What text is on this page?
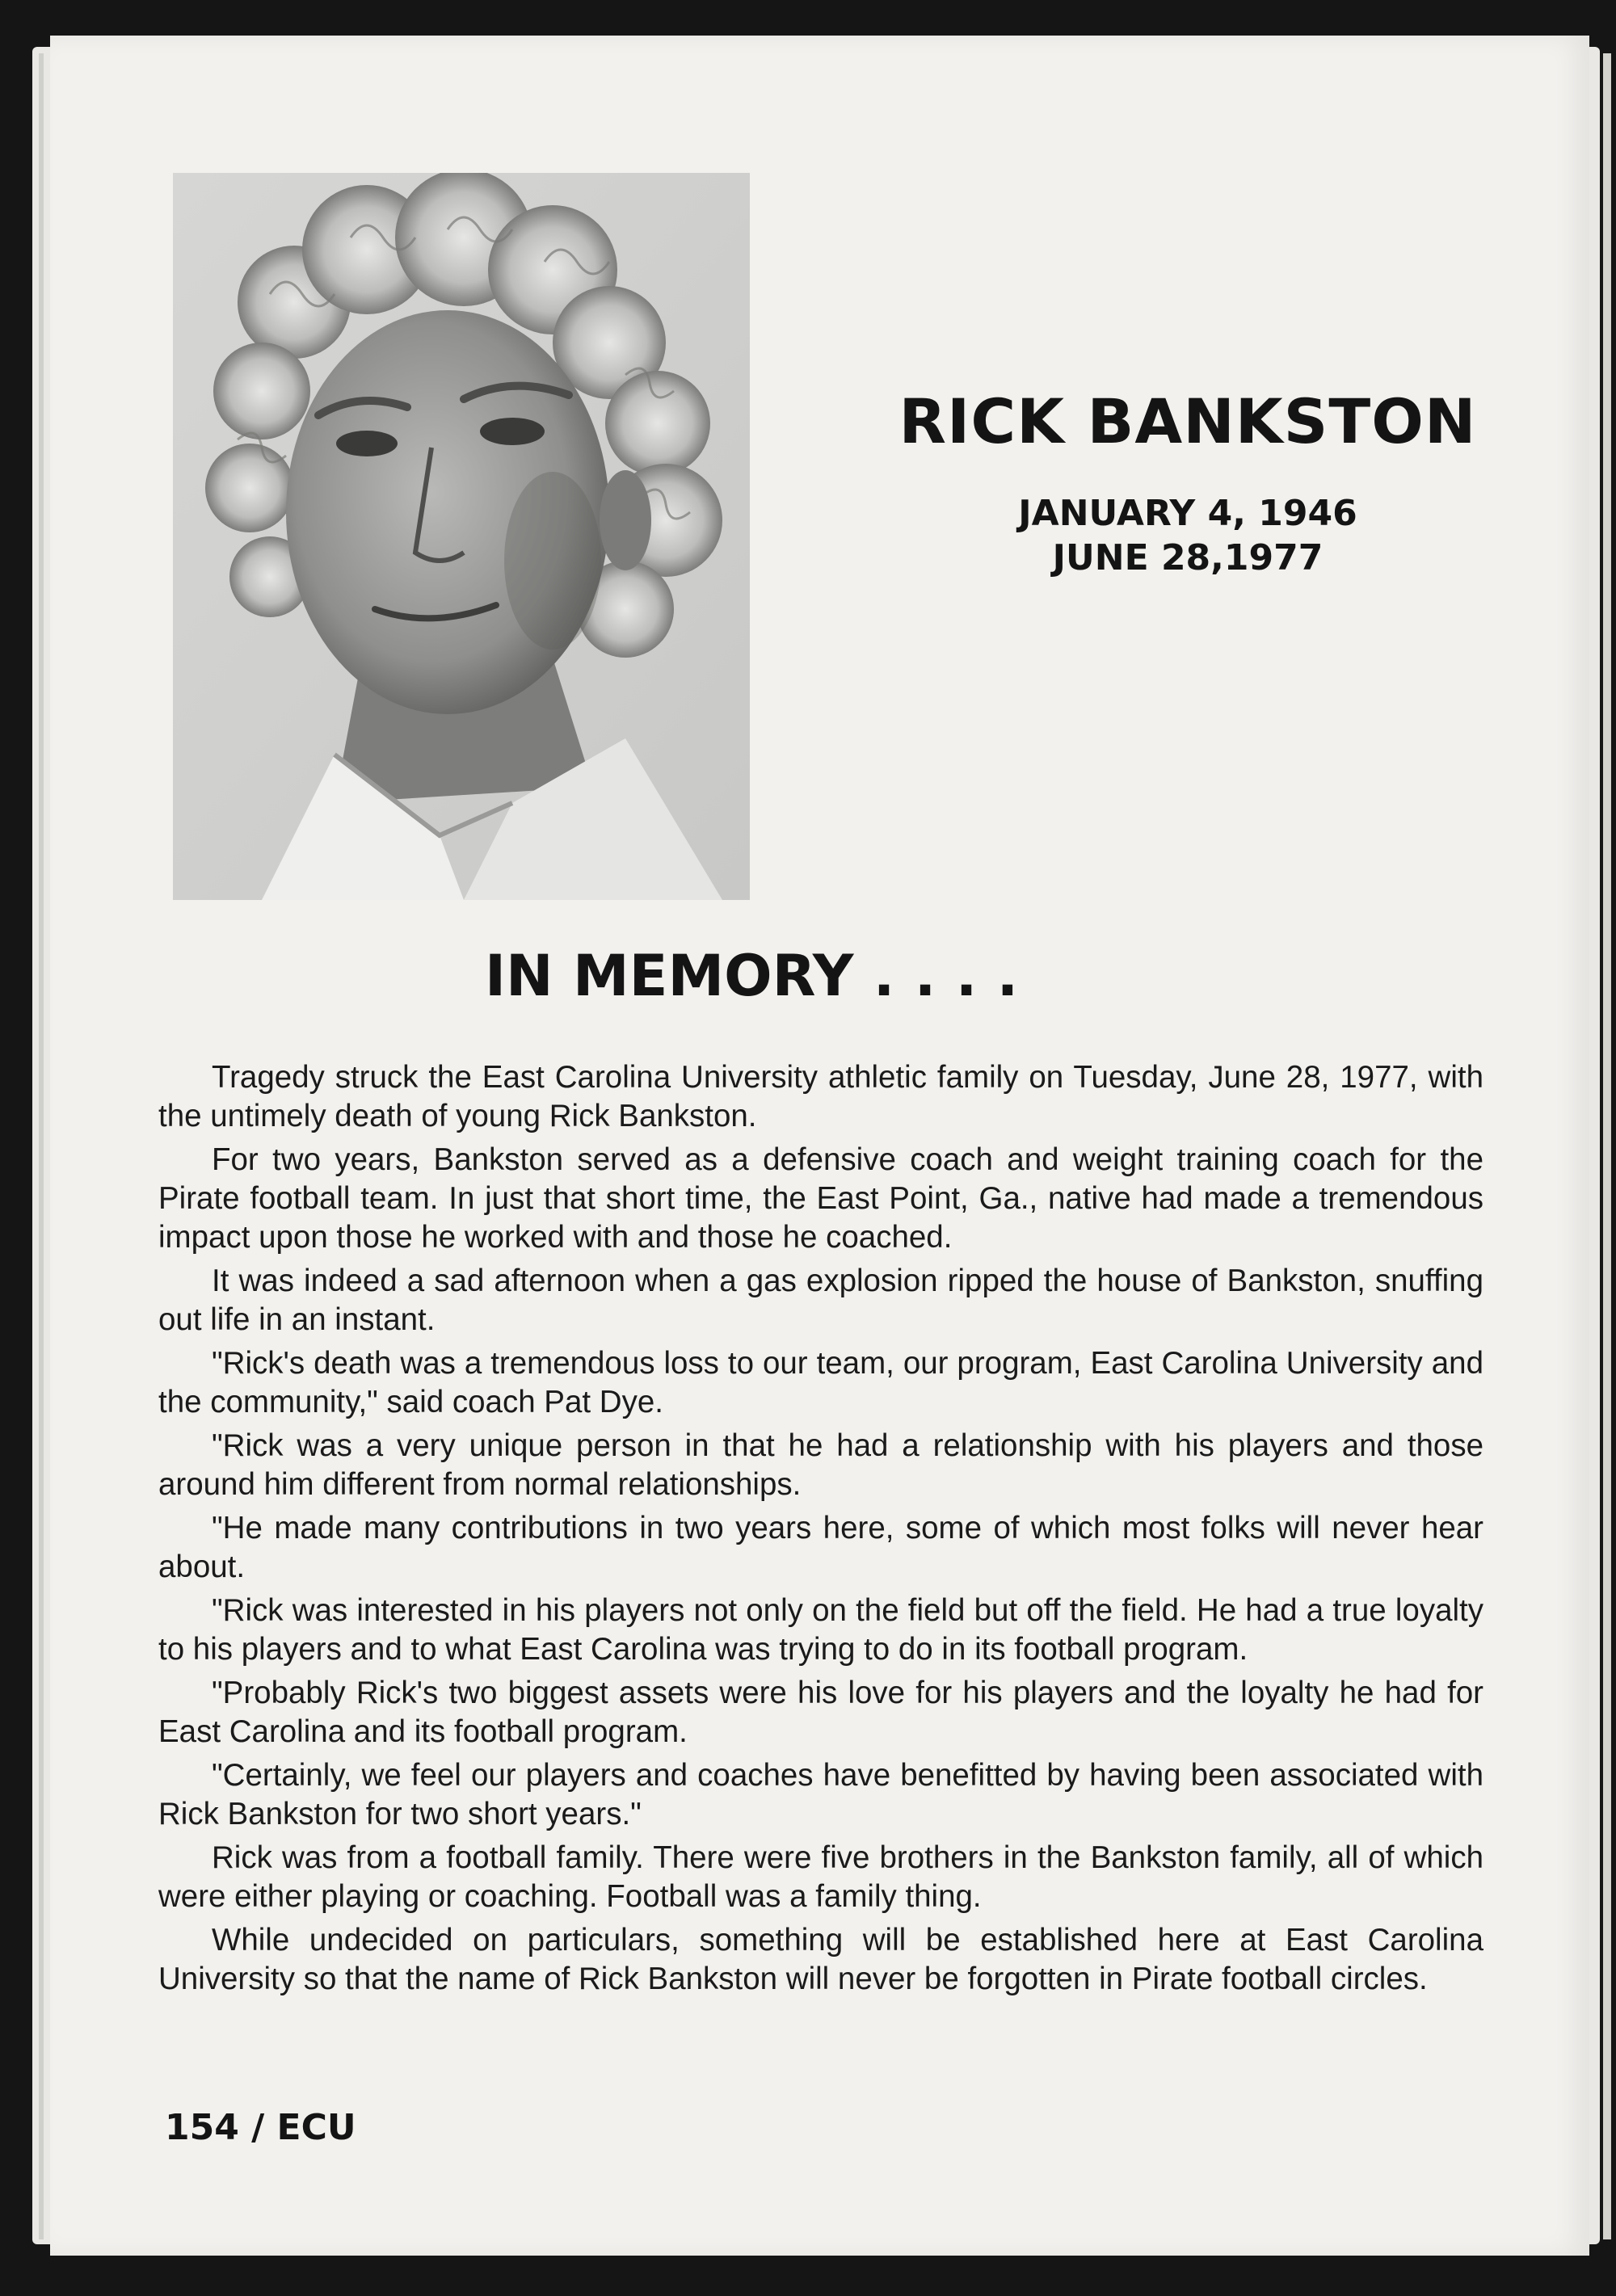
RICK BANKSTON

JANUARY 4, 1946

JUNE 28,1977

IN MEMORY . . . .

Tragedy struck the East Carolina University athletic family on Tuesday, June 28, 1977, with the untimely death of young Rick Bankston.

For two years, Bankston served as a defensive coach and weight training coach for the Pirate football team. In just that short time, the East Point, Ga., native had made a tremendous impact upon those he worked with and those he coached.

It was indeed a sad afternoon when a gas explosion ripped the house of Bankston, snuffing out life in an instant.

"Rick's death was a tremendous loss to our team, our program, East Carolina University and the community," said coach Pat Dye.

"Rick was a very unique person in that he had a relationship with his players and those around him different from normal relationships.

"He made many contributions in two years here, some of which most folks will never hear about.

"Rick was interested in his players not only on the field but off the field. He had a true loyalty to his players and to what East Carolina was trying to do in its football program.

"Probably Rick's two biggest assets were his love for his players and the loyalty he had for East Carolina and its football program.

"Certainly, we feel our players and coaches have benefitted by having been associated with Rick Bankston for two short years."

Rick was from a football family. There were five brothers in the Bankston family, all of which were either playing or coaching. Football was a family thing.

While undecided on particulars, something will be established here at East Carolina University so that the name of Rick Bankston will never be forgotten in Pirate football circles.

154 / ECU
